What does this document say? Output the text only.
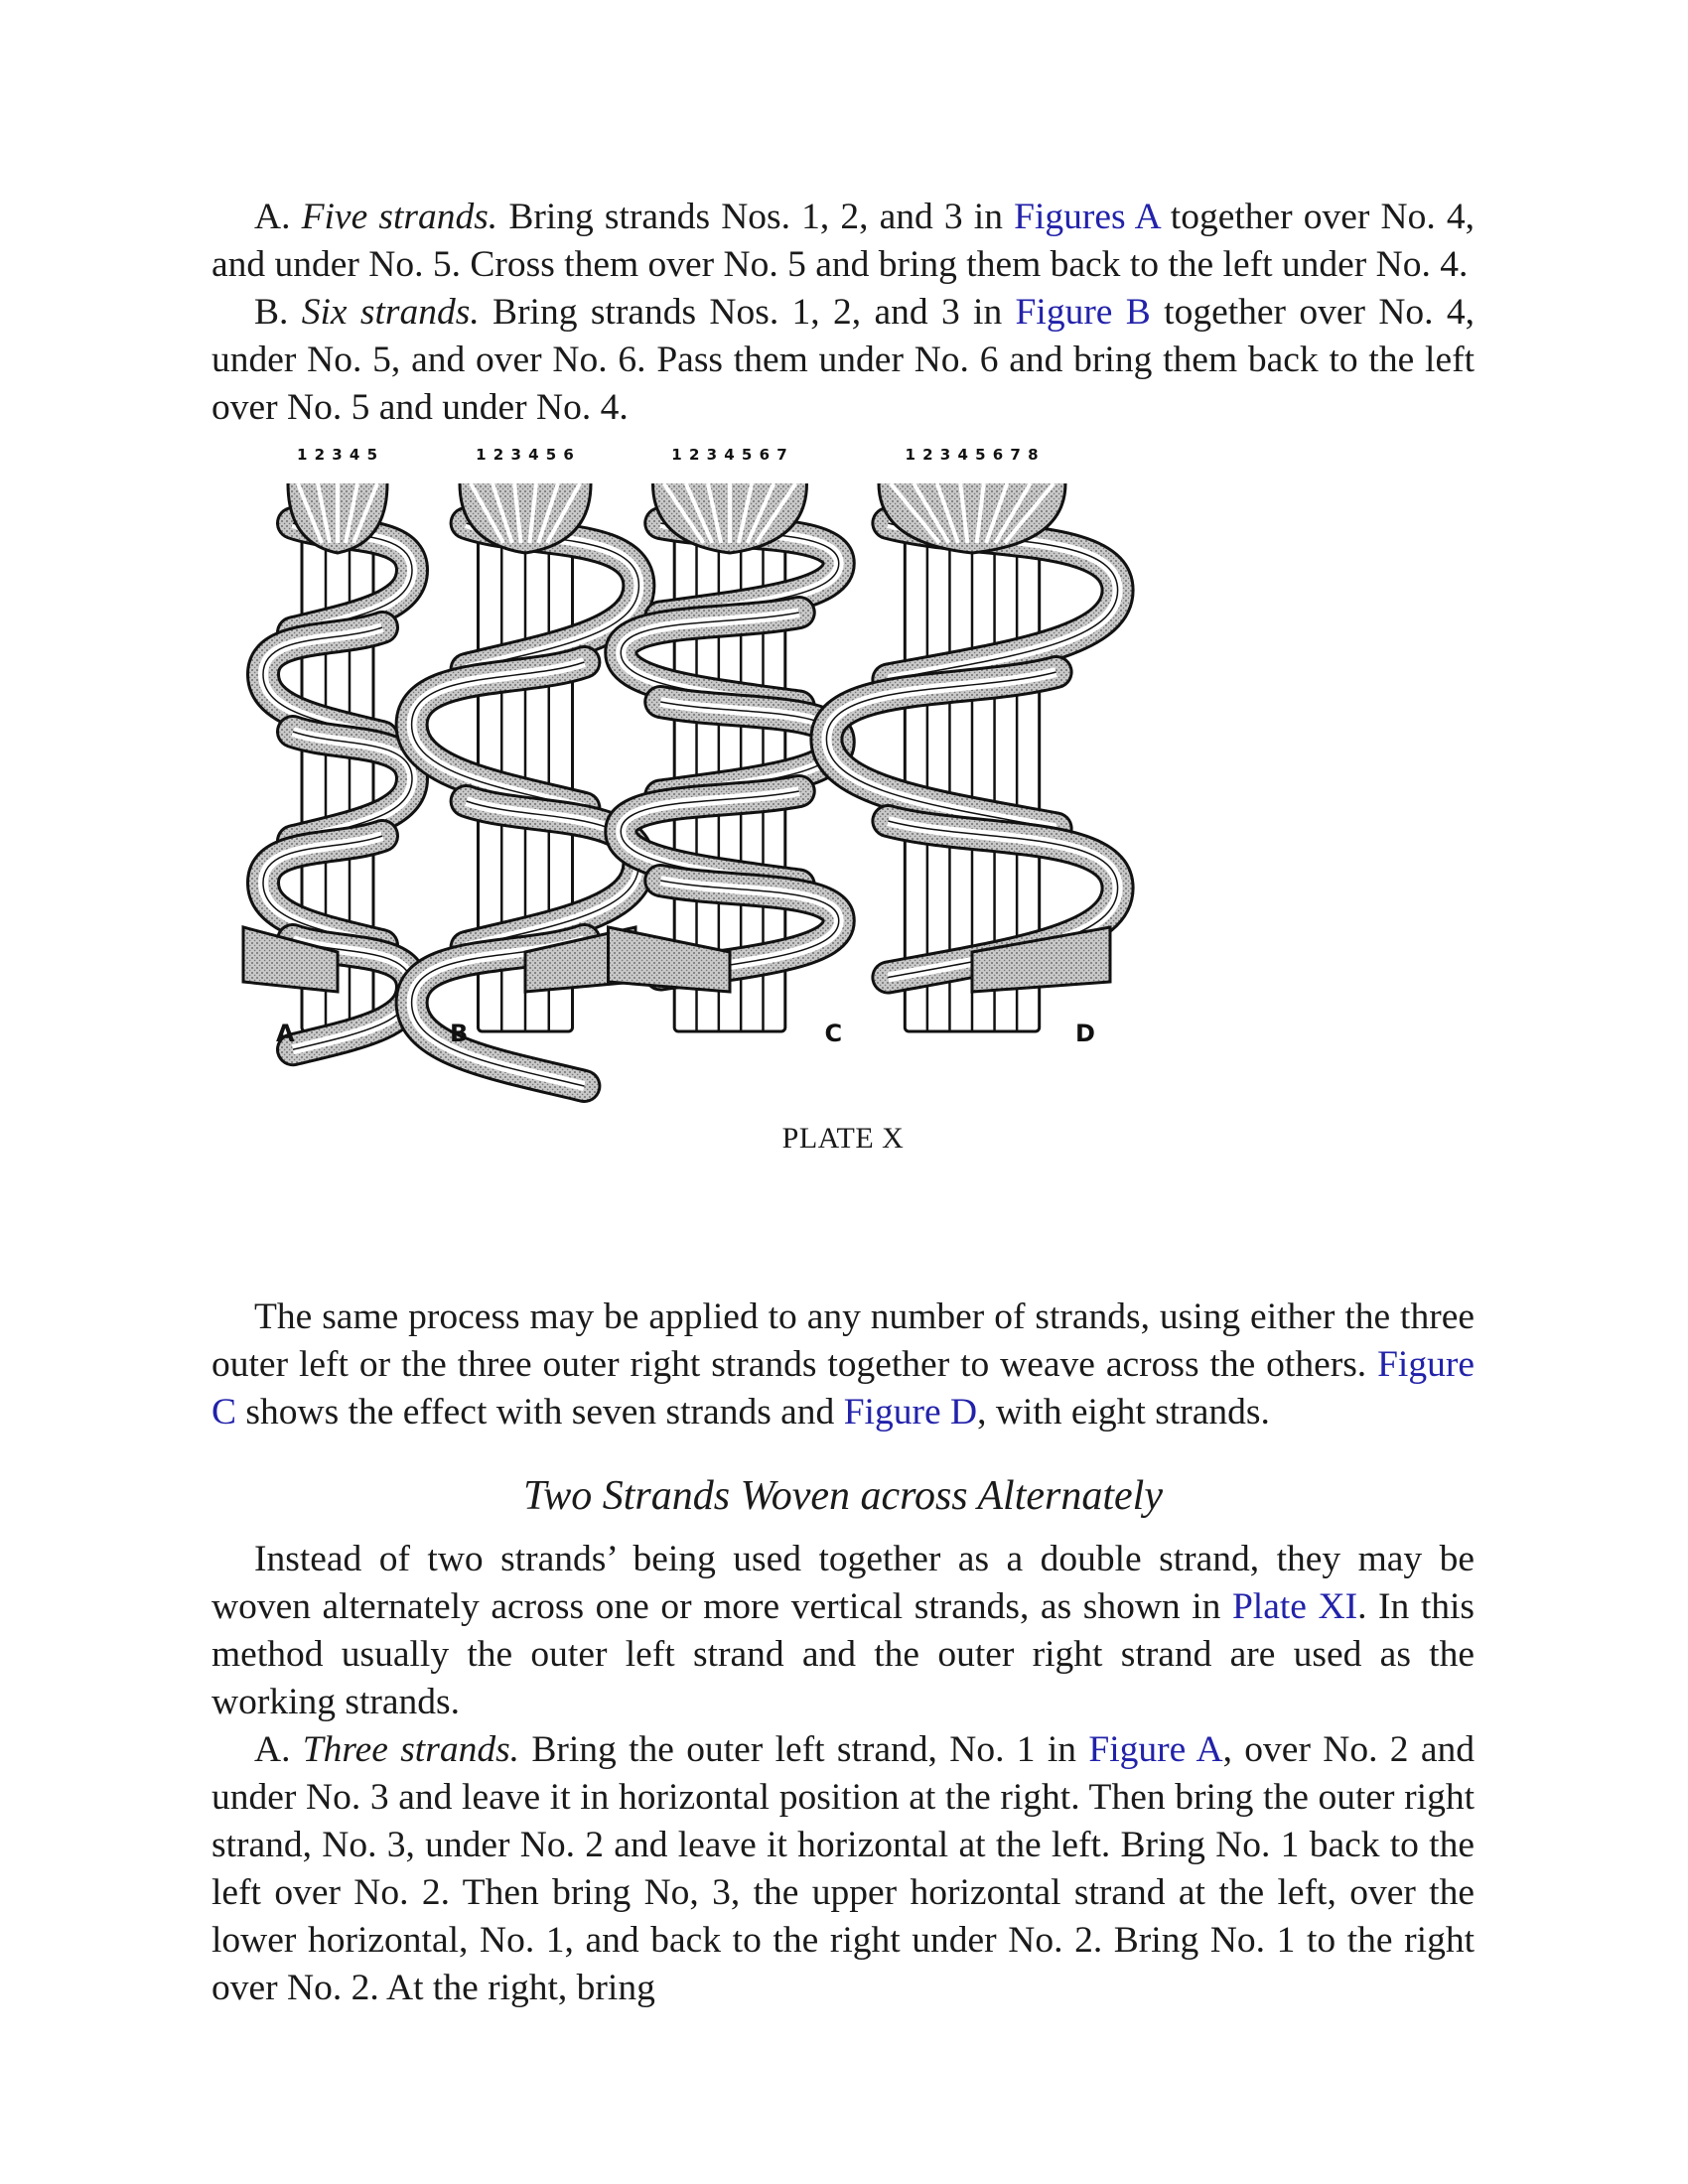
A. Five strands. Bring strands Nos. 1, 2, and 3 in Figures A together over No. 4, and under No. 5. Cross them over No. 5 and bring them back to the left under No. 4.

B. Six strands. Bring strands Nos. 1, 2, and 3 in Figure B together over No. 4, under No. 5, and over No. 6. Pass them under No. 6 and bring them back to the left over No. 5 and under No. 4.

1 2 3 4 5
A
1 2 3 4 5 6
B
1 2 3 4 5 6 7
C
1 2 3 4 5 6 7 8
D
PLATE X

The same process may be applied to any number of strands, using either the three outer left or the three outer right strands together to weave across the others. Figure C shows the effect with seven strands and Figure D, with eight strands.

Two Strands Woven across Alternately

Instead of two strands’ being used together as a double strand, they may be woven alternately across one or more vertical strands, as shown in Plate XI. In this method usually the outer left strand and the outer right strand are used as the working strands.

A. Three strands. Bring the outer left strand, No. 1 in Figure A, over No. 2 and under No. 3 and leave it in horizontal position at the right. Then bring the outer right strand, No. 3, under No. 2 and leave it horizontal at the left. Bring No. 1 back to the left over No. 2. Then bring No, 3, the upper horizontal strand at the left, over the lower horizontal, No. 1, and back to the right under No. 2. Bring No. 1 to the right over No. 2. At the right, bring
